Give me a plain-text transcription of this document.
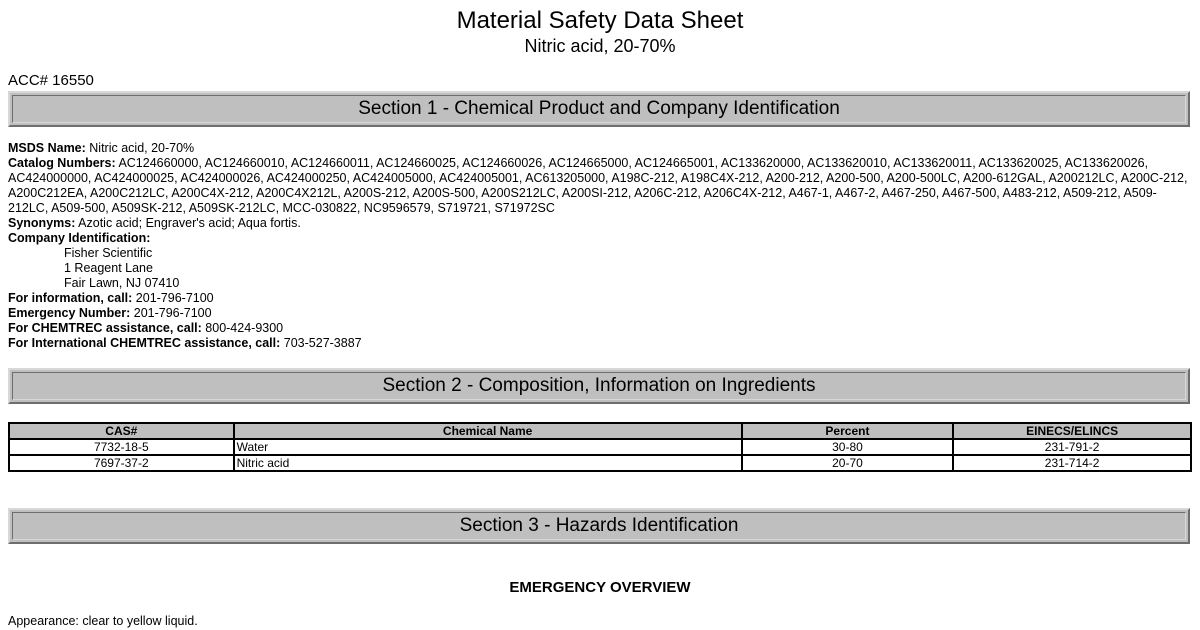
Material Safety Data Sheet
Nitric acid, 20-70%
ACC# 16550
Section 1 - Chemical Product and Company Identification
MSDS Name: Nitric acid, 20-70%
Catalog Numbers: AC124660000, AC124660010, AC124660011, AC124660025, AC124660026, AC124665000, AC124665001, AC133620000, AC133620010, AC133620011, AC133620025, AC133620026, AC424000000, AC424000025, AC424000026, AC424000250, AC424005000, AC424005001, AC613205000, A198C-212, A198C4X-212, A200-212, A200-500, A200-500LC, A200-612GAL, A200212LC, A200C-212, A200C212EA, A200C212LC, A200C4X-212, A200C4X212L, A200S-212, A200S-500, A200S212LC, A200SI-212, A206C-212, A206C4X-212, A467-1, A467-2, A467-250, A467-500, A483-212, A509-212, A509-212LC, A509-500, A509SK-212, A509SK-212LC, MCC-030822, NC9596579, S719721, S71972SC
Synonyms: Azotic acid; Engraver's acid; Aqua fortis.
Company Identification:
Fisher Scientific
1 Reagent Lane
Fair Lawn, NJ 07410
For information, call: 201-796-7100
Emergency Number: 201-796-7100
For CHEMTREC assistance, call: 800-424-9300
For International CHEMTREC assistance, call: 703-527-3887
Section 2 - Composition, Information on Ingredients
CAS#	Chemical Name	Percent	EINECS/ELINCS
7732-18-5	Water	30-80	231-791-2
7697-37-2	Nitric acid	20-70	231-714-2
Section 3 - Hazards Identification
EMERGENCY OVERVIEW
Appearance: clear to yellow liquid.
